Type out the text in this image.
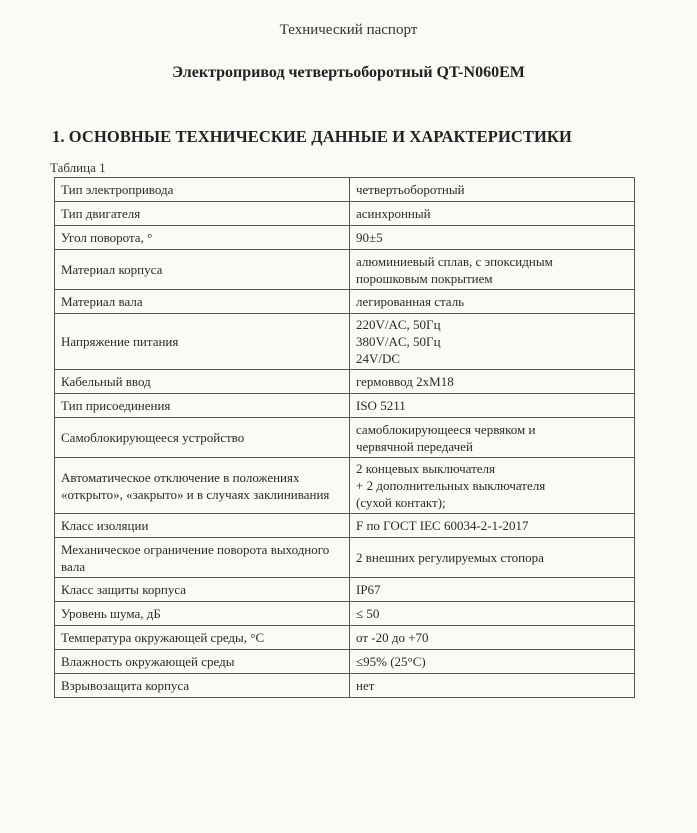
Технический паспорт
Электропривод четвертьоборотный QT-N060EM
1. ОСНОВНЫЕ ТЕХНИЧЕСКИЕ ДАННЫЕ И ХАРАКТЕРИСТИКИ
Таблица 1
Тип электропривода	четвертьоборотный

Тип двигателя	асинхронный

Угол поворота, °	90±5

Материал корпуса	алюминиевый сплав, с эпоксидным
порошковым покрытием

Материал вала	легированная сталь

Напряжение питания	220V/AC, 50Гц
380V/AC, 50Гц
24V/DC

Кабельный ввод	гермоввод 2хМ18

Тип присоединения	ISO 5211

Самоблокирующееся устройство	самоблокирующееся червяком и
червячной передачей

Автоматическое отключение в положениях «открыто», «закрыто» и в случаях заклинивания	2 концевых выключателя
+ 2 дополнительных выключателя
(сухой контакт);

Класс изоляции	F по ГОСТ IEC 60034-2-1-2017

Механическое ограничение поворота выходного вала	2 внешних регулируемых стопора

Класс защиты корпуса	IP67

Уровень шума, дБ	≤ 50

Температура окружающей среды, °С	от -20 до +70

Влажность окружающей среды	≤95% (25°С)

Взрывозащита корпуса	нет
